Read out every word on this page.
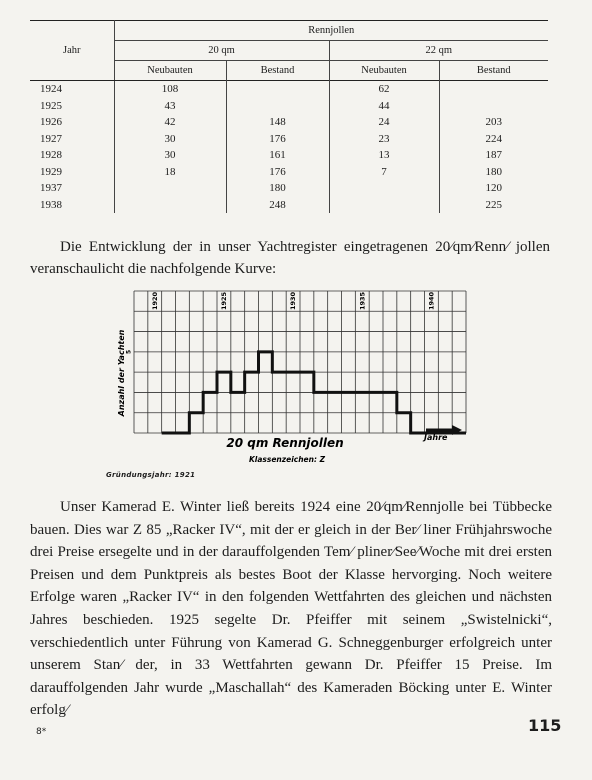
Jahr	Rennjollen			
	20 qm		22 qm	
	Neubauten	Bestand	Neubauten	Bestand
1924	108		62	
1925	43		44	
1926	42	148	24	203
1927	30	176	23	224
1928	30	161	13	187
1929	18	176	7	180
1937		180		120
1938		248		225
Die Entwicklung der in unser Yachtregister eingetragenen 20⁄qm⁄Renn⁄ jollen veranschaulicht die nachfolgende Kurve:
1920	1925	1930	1935	1940
5
Anzahl der Yachten
Jahre
20 qm Rennjollen
Klassenzeichen: Z
Gründungsjahr: 1921

Unser Kamerad E. Winter ließ bereits 1924 eine 20⁄qm⁄Rennjolle bei Tübbecke bauen. Dies war Z 85 „Racker IV“, mit der er gleich in der Ber⁄ liner Frühjahrswoche drei Preise ersegelte und in der darauffolgenden Tem⁄ pliner⁄See⁄Woche mit drei ersten Preisen und dem Punktpreis als bestes Boot der Klasse hervorging. Noch weitere Erfolge waren „Racker IV“ in den folgenden Wettfahrten des gleichen und nächsten Jahres beschieden. 1925 segelte Dr. Pfeiffer mit seinem „Swistelnicki“, verschiedentlich unter Führung von Kamerad G. Schneggenburger erfolgreich unter unserem Stan⁄ der, in 33 Wettfahrten gewann Dr. Pfeiffer 15 Preise. Im darauffolgenden Jahr wurde „Maschallah“ des Kameraden Böcking unter E. Winter erfolg⁄

8*	115
